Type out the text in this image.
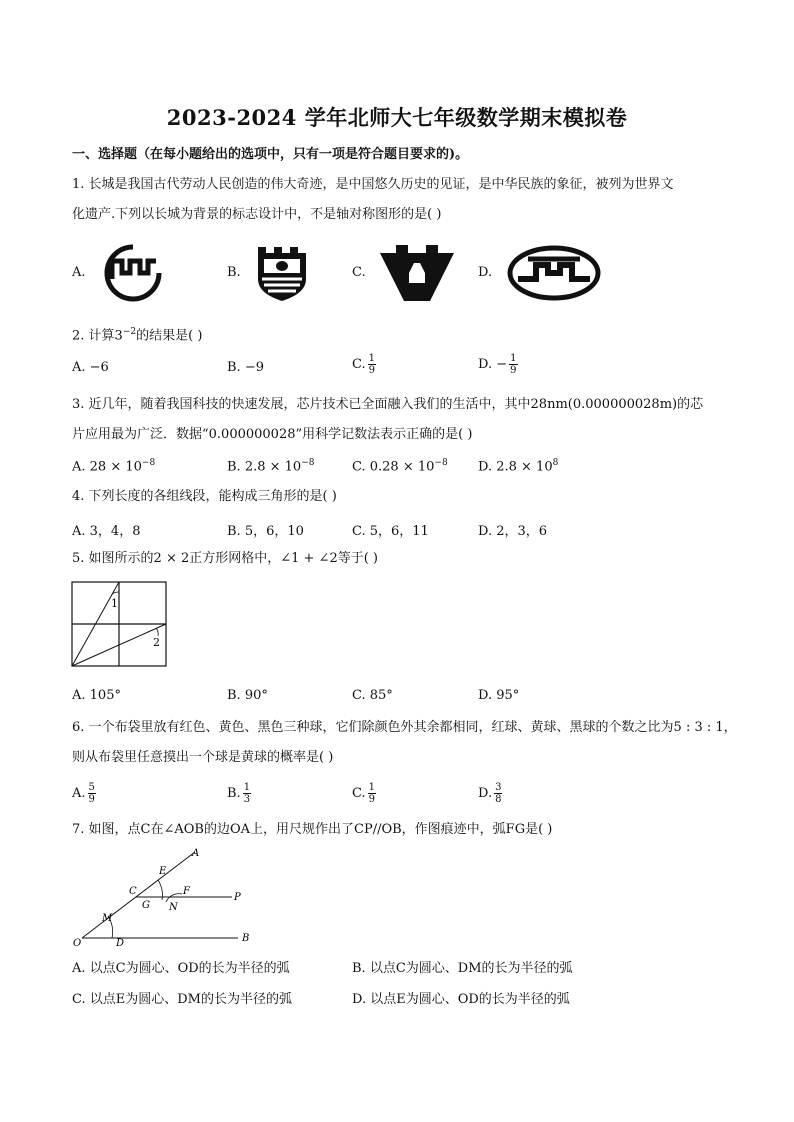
2023-2024 学年北师大七年级数学期末模拟卷
一、选择题（在每小题给出的选项中，只有一项是符合题目要求的)。
1. 长城是我国古代劳动人民创造的伟大奇迹，是中国悠久历史的见证，是中华民族的象征，被列为世界文
化遗产.下列以长城为背景的标志设计中，不是轴对称图形的是( )
A.	B.	C.	D.
2. 计算$3^{-2}$的结果是( )
A. −6	B. −9	C. $\frac{1}{9}$	D. − $\frac{1}{9}$
3. 近几年，随着我国科技的快速发展，芯片技术已全面融入我们的生活中，其中28nm(0.000000028m)的芯
片应用最为广泛．数据“0.000000028”用科学记数法表示正确的是( )
A. $28 \times 10^{-8}$	B. $2.8 \times 10^{-8}$	C. $0.28 \times 10^{-8}$ D. $2.8 \times 10^8$
4. 下列长度的各组线段，能构成三角形的是( )
A. 3，4，8	B. 5，6，10	C. 5，6，11	D. 2，3，6
5. 如图所示的2 × 2正方形网格中，∠1 + ∠2等于( )
1
2
A. 105°	B. 90°	C. 85°	D. 95°
6. 一个布袋里放有红色、黄色、黑色三种球，它们除颜色外其余都相同，红球、黄球、黑球的个数之比为5 : 3 : 1，
则从布袋里任意摸出一个球是黄球的概率是( )
A. $\frac{5}{9}$	B. $\frac{1}{3}$	C. $\frac{1}{9}$	D. $\frac{3}{8}$
7. 如图，点C在∠AOB的边OA上，用尺规作出了CP//OB，作图痕迹中，弧FG是( )
A
E
C	F
P
G N
M
O	D	B
A. 以点C为圆心、OD的长为半径的弧	B. 以点C为圆心、DM的长为半径的弧
C. 以点E为圆心、DM的长为半径的弧	D. 以点E为圆心、OD的长为半径的弧
